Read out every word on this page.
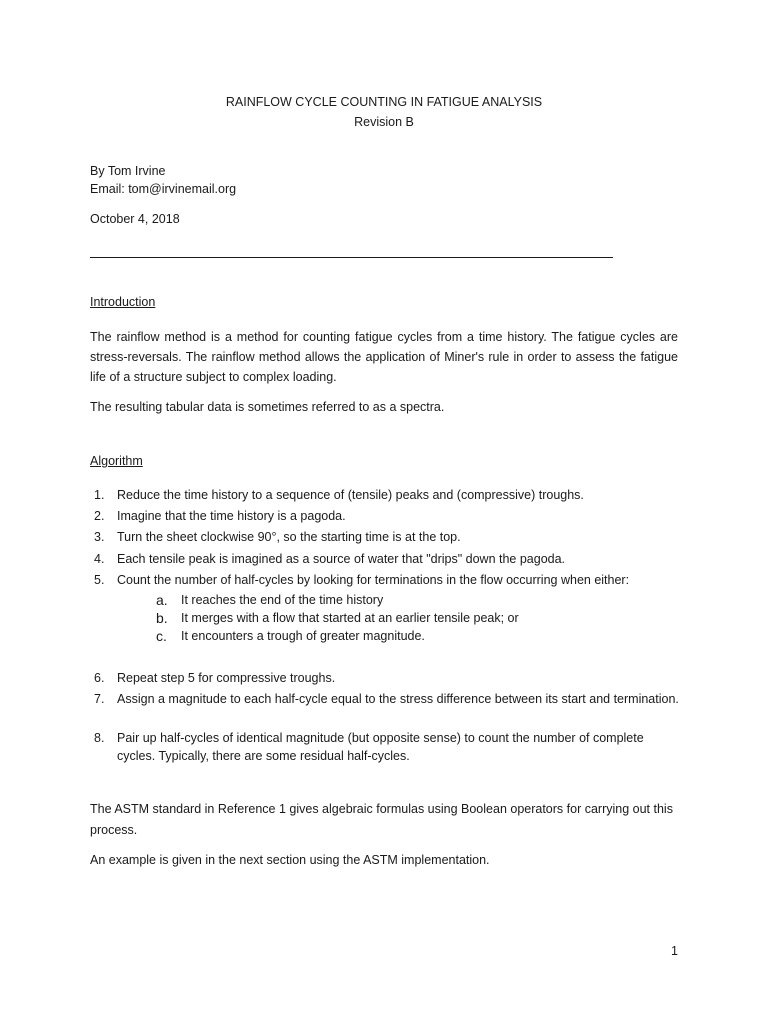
RAINFLOW CYCLE COUNTING IN FATIGUE ANALYSIS
Revision B
By Tom Irvine
Email: tom@irvinemail.org
October 4, 2018
Introduction
The rainflow method is a method for counting fatigue cycles from a time history. The fatigue cycles are stress-reversals. The rainflow method allows the application of Miner's rule in order to assess the fatigue life of a structure subject to complex loading.
The resulting tabular data is sometimes referred to as a spectra.
Algorithm
1. Reduce the time history to a sequence of (tensile) peaks and (compressive) troughs.
2. Imagine that the time history is a pagoda.
3. Turn the sheet clockwise 90°, so the starting time is at the top.
4. Each tensile peak is imagined as a source of water that "drips" down the pagoda.
5. Count the number of half-cycles by looking for terminations in the flow occurring when either:
a. It reaches the end of the time history
b. It merges with a flow that started at an earlier tensile peak; or
c. It encounters a trough of greater magnitude.
6. Repeat step 5 for compressive troughs.
7. Assign a magnitude to each half-cycle equal to the stress difference between its start and termination.
8. Pair up half-cycles of identical magnitude (but opposite sense) to count the number of complete cycles. Typically, there are some residual half-cycles.
The ASTM standard in Reference 1 gives algebraic formulas using Boolean operators for carrying out this process.
An example is given in the next section using the ASTM implementation.
1
